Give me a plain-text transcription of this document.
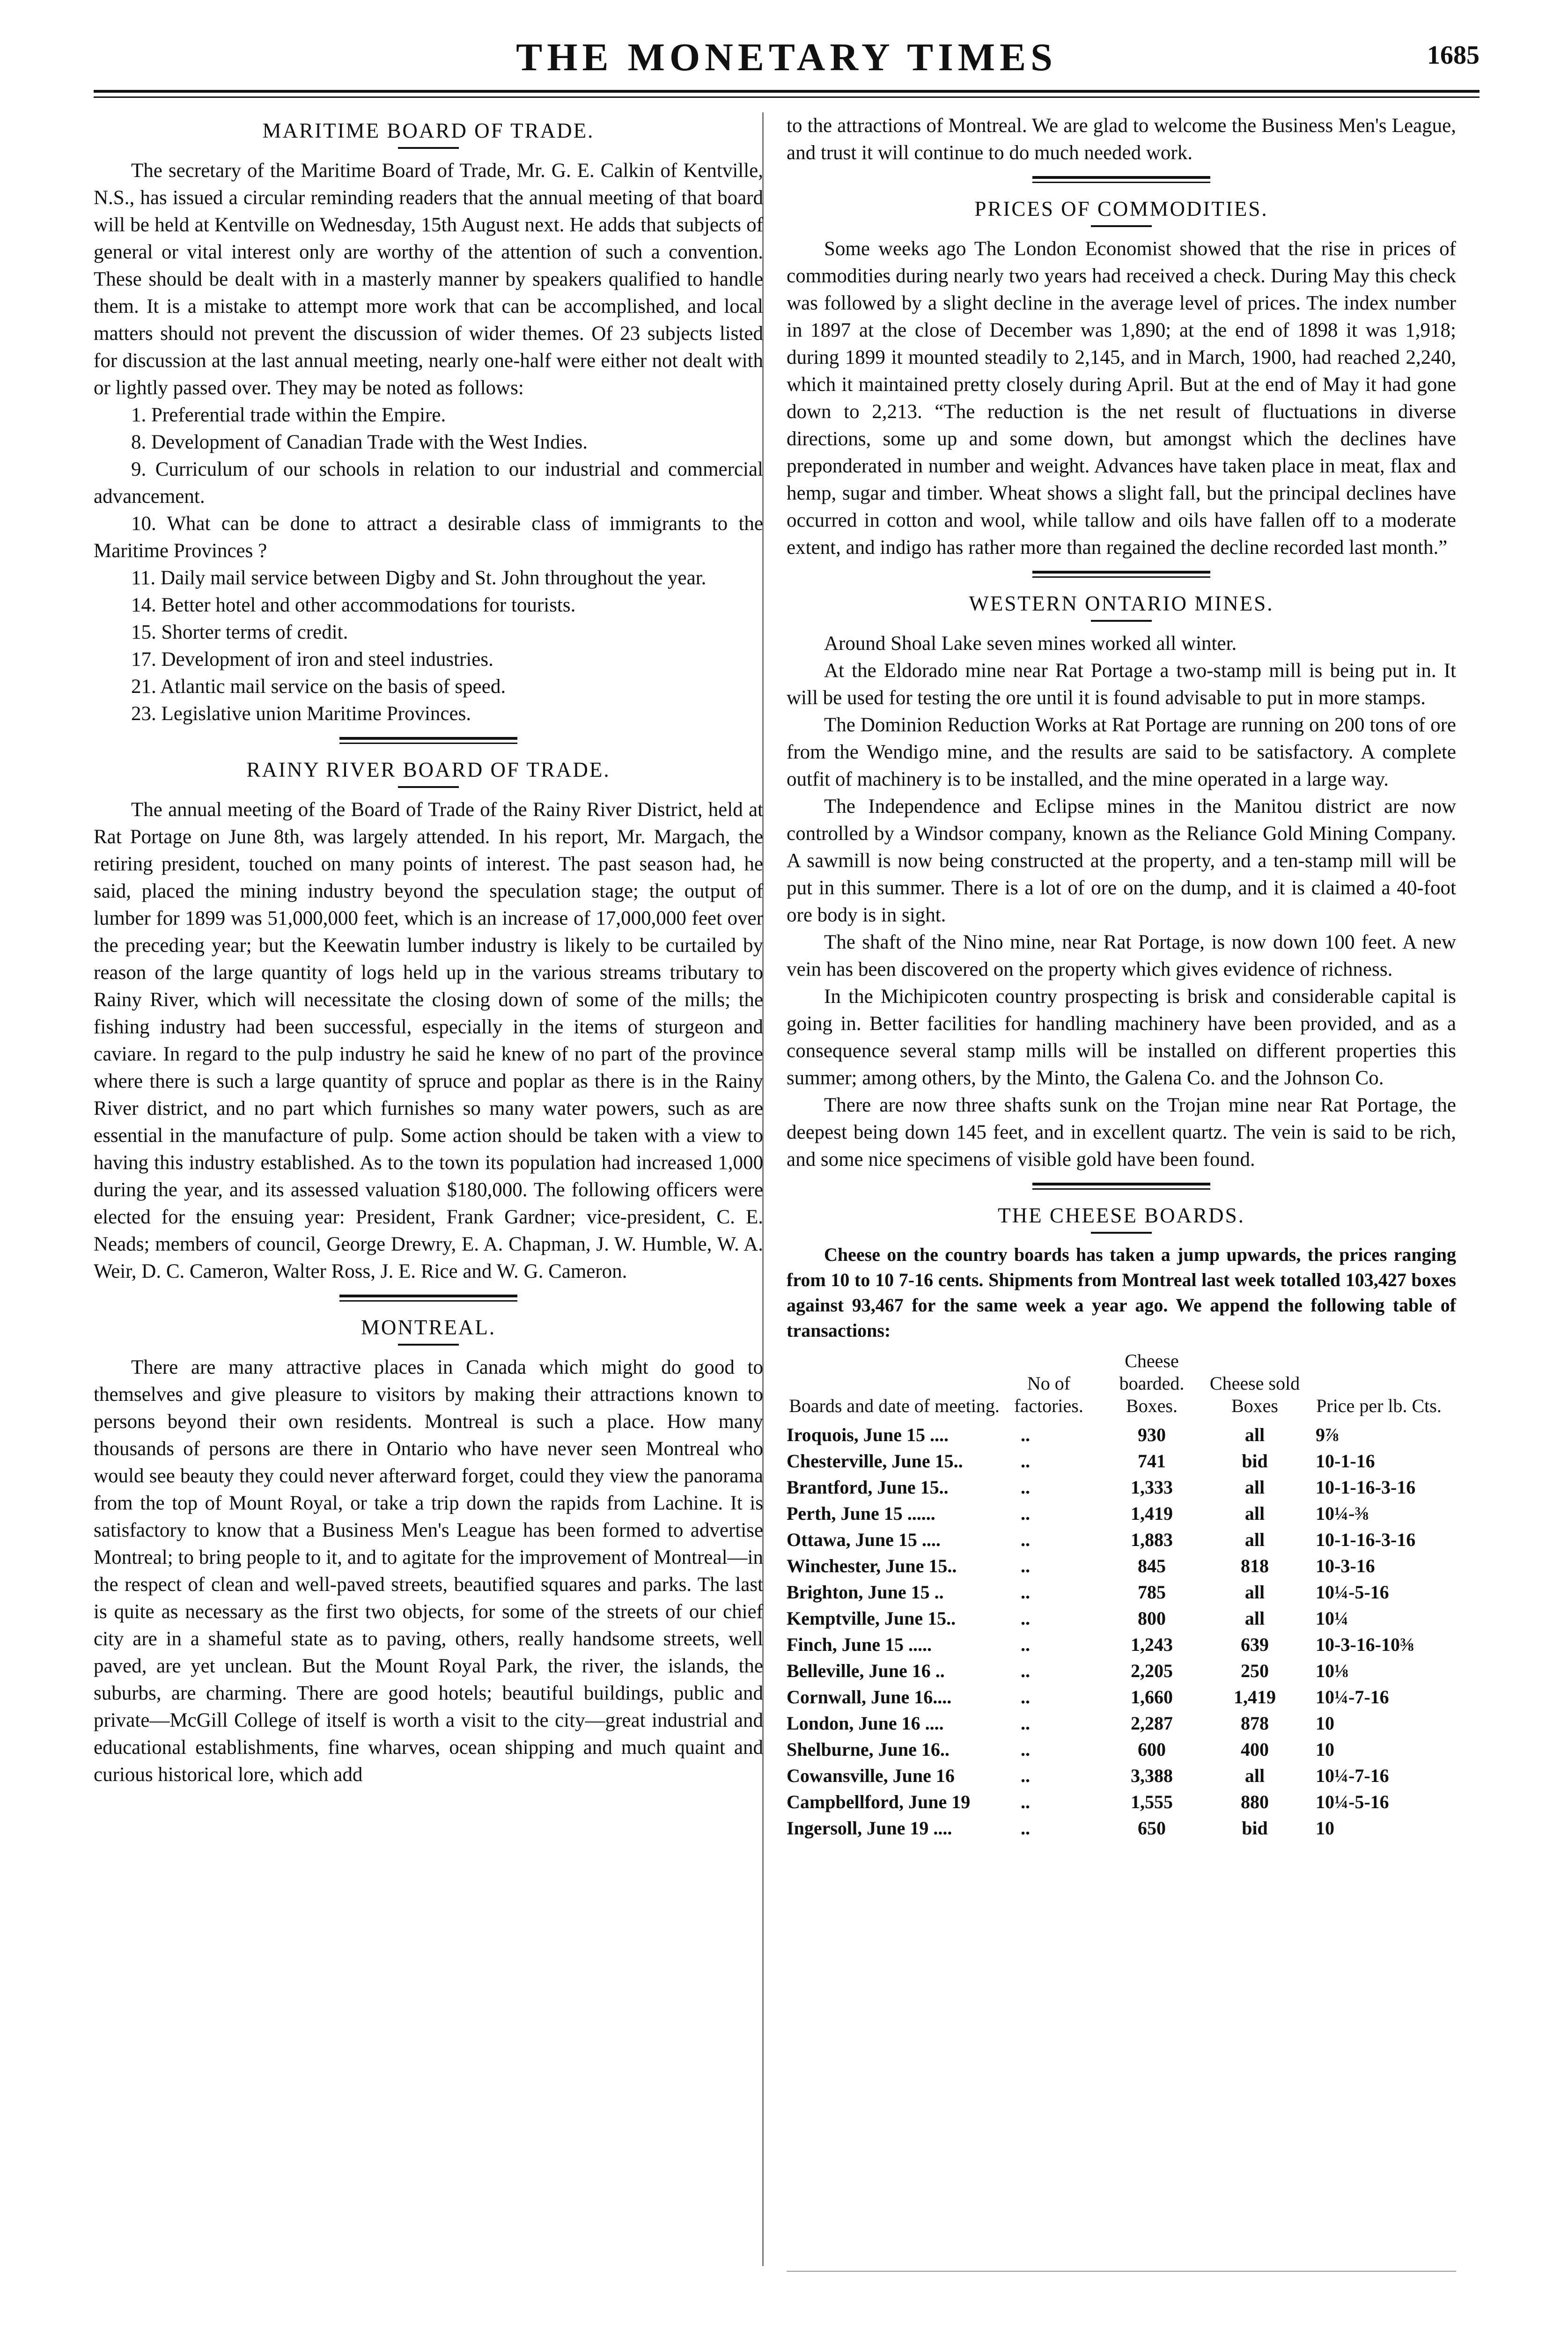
THE MONETARY TIMES	1685
MARITIME BOARD OF TRADE.

The secretary of the Maritime Board of Trade, Mr. G. E. Calkin of Kentville, N.S., has issued a circular reminding readers that the annual meeting of that board will be held at Kentville on Wednesday, 15th August next. He adds that subjects of general or vital interest only are worthy of the attention of such a convention. These should be dealt with in a masterly manner by speakers qualified to handle them. It is a mistake to attempt more work that can be accomplished, and local matters should not prevent the discussion of wider themes. Of 23 subjects listed for discussion at the last annual meeting, nearly one-half were either not dealt with or lightly passed over. They may be noted as follows:

1. Preferential trade within the Empire.
8. Development of Canadian Trade with the West Indies.
9. Curriculum of our schools in relation to our industrial and commercial advancement.
10. What can be done to attract a desirable class of immigrants to the Maritime Provinces ?
11. Daily mail service between Digby and St. John throughout the year.
14. Better hotel and other accommodations for tourists.
15. Shorter terms of credit.
17. Development of iron and steel industries.
21. Atlantic mail service on the basis of speed.
23. Legislative union Maritime Provinces.
RAINY RIVER BOARD OF TRADE.

The annual meeting of the Board of Trade of the Rainy River District, held at Rat Portage on June 8th, was largely attended. In his report, Mr. Margach, the retiring president, touched on many points of interest. The past season had, he said, placed the mining industry beyond the speculation stage; the output of lumber for 1899 was 51,000,000 feet, which is an increase of 17,000,000 feet over the preceding year; but the Keewatin lumber industry is likely to be curtailed by reason of the large quantity of logs held up in the various streams tributary to Rainy River, which will necessitate the closing down of some of the mills; the fishing industry had been successful, especially in the items of sturgeon and caviare. In regard to the pulp industry he said he knew of no part of the province where there is such a large quantity of spruce and poplar as there is in the Rainy River district, and no part which furnishes so many water powers, such as are essential in the manufacture of pulp. Some action should be taken with a view to having this industry established. As to the town its population had increased 1,000 during the year, and its assessed valuation $180,000. The following officers were elected for the ensuing year: President, Frank Gardner; vice-president, C. E. Neads; members of council, George Drewry, E. A. Chapman, J. W. Humble, W. A. Weir, D. C. Cameron, Walter Ross, J. E. Rice and W. G. Cameron.

MONTREAL.

There are many attractive places in Canada which might do good to themselves and give pleasure to visitors by making their attractions known to persons beyond their own residents. Montreal is such a place. How many thousands of persons are there in Ontario who have never seen Montreal who would see beauty they could never afterward forget, could they view the panorama from the top of Mount Royal, or take a trip down the rapids from Lachine. It is satisfactory to know that a Business Men's League has been formed to advertise Montreal; to bring people to it, and to agitate for the improvement of Montreal—in the respect of clean and well-paved streets, beautified squares and parks. The last is quite as necessary as the first two objects, for some of the streets of our chief city are in a shameful state as to paving, others, really handsome streets, well paved, are yet unclean. But the Mount Royal Park, the river, the islands, the suburbs, are charming. There are good hotels; beautiful buildings, public and private—McGill College of itself is worth a visit to the city—great industrial and educational establishments, fine wharves, ocean shipping and much quaint and curious historical lore, which add

to the attractions of Montreal. We are glad to welcome the Business Men's League, and trust it will continue to do much needed work.

PRICES OF COMMODITIES.

Some weeks ago The London Economist showed that the rise in prices of commodities during nearly two years had received a check. During May this check was followed by a slight decline in the average level of prices. The index number in 1897 at the close of December was 1,890; at the end of 1898 it was 1,918; during 1899 it mounted steadily to 2,145, and in March, 1900, had reached 2,240, which it maintained pretty closely during April. But at the end of May it had gone down to 2,213. “The reduction is the net result of fluctuations in diverse directions, some up and some down, but amongst which the declines have preponderated in number and weight. Advances have taken place in meat, flax and hemp, sugar and timber. Wheat shows a slight fall, but the principal declines have occurred in cotton and wool, while tallow and oils have fallen off to a moderate extent, and indigo has rather more than regained the decline recorded last month.”

WESTERN ONTARIO MINES.

Around Shoal Lake seven mines worked all winter.

At the Eldorado mine near Rat Portage a two-stamp mill is being put in. It will be used for testing the ore until it is found advisable to put in more stamps.

The Dominion Reduction Works at Rat Portage are running on 200 tons of ore from the Wendigo mine, and the results are said to be satisfactory. A complete outfit of machinery is to be installed, and the mine operated in a large way.

The Independence and Eclipse mines in the Manitou district are now controlled by a Windsor company, known as the Reliance Gold Mining Company. A sawmill is now being constructed at the property, and a ten-stamp mill will be put in this summer. There is a lot of ore on the dump, and it is claimed a 40-foot ore body is in sight.

The shaft of the Nino mine, near Rat Portage, is now down 100 feet. A new vein has been discovered on the property which gives evidence of richness.

In the Michipicoten country prospecting is brisk and considerable capital is going in. Better facilities for handling machinery have been provided, and as a consequence several stamp mills will be installed on different properties this summer; among others, by the Minto, the Galena Co. and the Johnson Co.

There are now three shafts sunk on the Trojan mine near Rat Portage, the deepest being down 145 feet, and in excellent quartz. The vein is said to be rich, and some nice specimens of visible gold have been found.

THE CHEESE BOARDS.
Cheese on the country boards has taken a jump upwards, the prices ranging from 10 to 10 7-16 cents. Shipments from Montreal last week totalled 103,427 boxes against 93,467 for the same week a year ago. We append the following table of transactions:
Boards and date of meeting.	No of factories.	Cheese boarded. Boxes.	Cheese sold Boxes	Price per lb. Cts.
Iroquois, June 15 ....	..	930	all	9⅞
Chesterville, June 15..	..	741	bid	10-1-16
Brantford, June 15..	..	1,333	all	10-1-16-3-16
Perth, June 15 ......	..	1,419	all	10¼-⅜
Ottawa, June 15 ....	..	1,883	all	10-1-16-3-16
Winchester, June 15..	..	845	818	10-3-16
Brighton, June 15 ..	..	785	all	10¼-5-16
Kemptville, June 15..	..	800	all	10¼
Finch, June 15 .....	..	1,243	639	10-3-16-10⅜
Belleville, June 16 ..	..	2,205	250	10⅛
Cornwall, June 16....	..	1,660	1,419	10¼-7-16
London, June 16 ....	..	2,287	878	10
Shelburne, June 16..	..	600	400	10
Cowansville, June 16	..	3,388	all	10¼-7-16
Campbellford, June 19	..	1,555	880	10¼-5-16
Ingersoll, June 19 ....	..	650	bid	10
